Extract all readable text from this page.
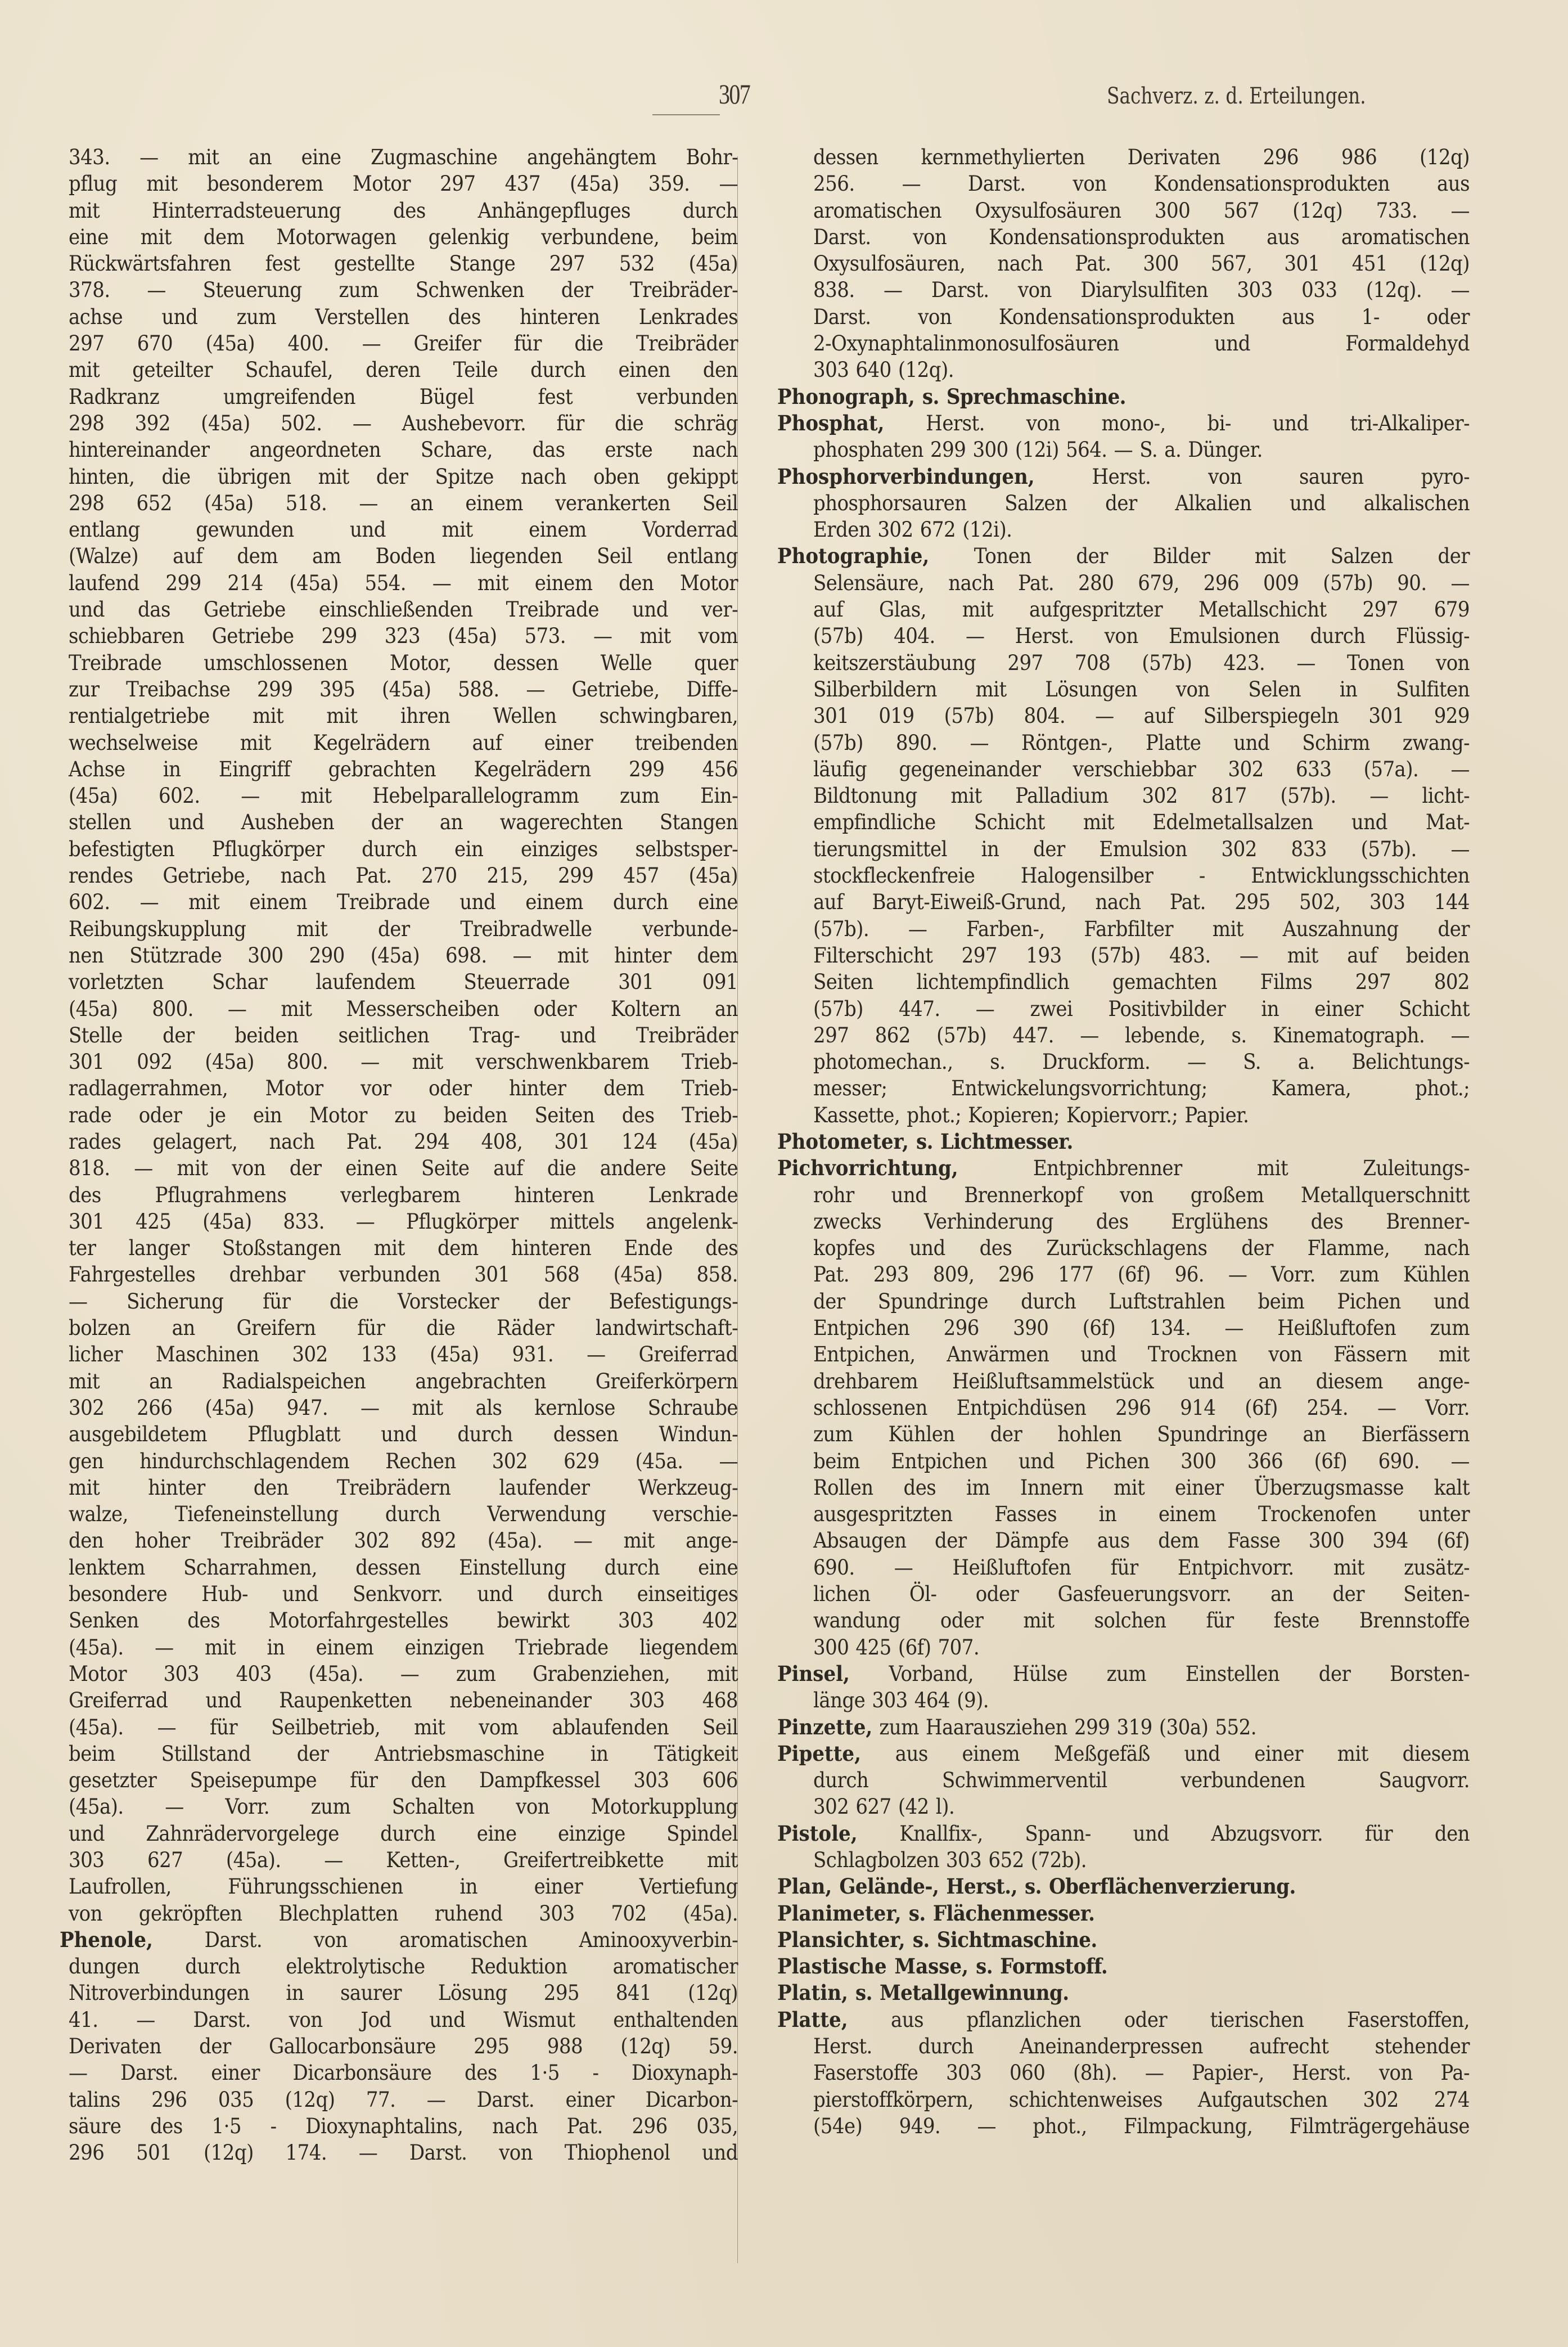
307	Sachverz. z. d. Erteilungen.
343. — mit an eine Zugmaschine angehängtem Bohr-
pflug mit besonderem Motor 297 437 (45a) 359. —
mit Hinterradsteuerung des Anhängepfluges durch
eine mit dem Motorwagen gelenkig verbundene, beim
Rückwärtsfahren fest gestellte Stange 297 532 (45a)
378. — Steuerung zum Schwenken der Treibräder-
achse und zum Verstellen des hinteren Lenkrades
297 670 (45a) 400. — Greifer für die Treibräder
mit geteilter Schaufel, deren Teile durch einen den
Radkranz umgreifenden Bügel fest verbunden
298 392 (45a) 502. — Aushebevorr. für die schräg
hintereinander angeordneten Schare, das erste nach
hinten, die übrigen mit der Spitze nach oben gekippt
298 652 (45a) 518. — an einem verankerten Seil
entlang gewunden und mit einem Vorderrad
(Walze) auf dem am Boden liegenden Seil entlang
laufend 299 214 (45a) 554. — mit einem den Motor
und das Getriebe einschließenden Treibrade und ver-
schiebbaren Getriebe 299 323 (45a) 573. — mit vom
Treibrade umschlossenen Motor, dessen Welle quer
zur Treibachse 299 395 (45a) 588. — Getriebe, Diffe-
rentialgetriebe mit mit ihren Wellen schwingbaren,
wechselweise mit Kegelrädern auf einer treibenden
Achse in Eingriff gebrachten Kegelrädern 299 456
(45a) 602. — mit Hebelparallelogramm zum Ein-
stellen und Ausheben der an wagerechten Stangen
befestigten Pflugkörper durch ein einziges selbstsper-
rendes Getriebe, nach Pat. 270 215, 299 457 (45a)
602. — mit einem Treibrade und einem durch eine
Reibungskupplung mit der Treibradwelle verbunde-
nen Stützrade 300 290 (45a) 698. — mit hinter dem
vorletzten Schar laufendem Steuerrade 301 091
(45a) 800. — mit Messerscheiben oder Koltern an
Stelle der beiden seitlichen Trag- und Treibräder
301 092 (45a) 800. — mit verschwenkbarem Trieb-
radlagerrahmen, Motor vor oder hinter dem Trieb-
rade oder je ein Motor zu beiden Seiten des Trieb-
rades gelagert, nach Pat. 294 408, 301 124 (45a)
818. — mit von der einen Seite auf die andere Seite
des Pflugrahmens verlegbarem hinteren Lenkrade
301 425 (45a) 833. — Pflugkörper mittels angelenk-
ter langer Stoßstangen mit dem hinteren Ende des
Fahrgestelles drehbar verbunden 301 568 (45a) 858.
— Sicherung für die Vorstecker der Befestigungs-
bolzen an Greifern für die Räder landwirtschaft-
licher Maschinen 302 133 (45a) 931. — Greiferrad
mit an Radialspeichen angebrachten Greiferkörpern
302 266 (45a) 947. — mit als kernlose Schraube
ausgebildetem Pflugblatt und durch dessen Windun-
gen hindurchschlagendem Rechen 302 629 (45a. —
mit hinter den Treibrädern laufender Werkzeug-
walze, Tiefeneinstellung durch Verwendung verschie-
den hoher Treibräder 302 892 (45a). — mit ange-
lenktem Scharrahmen, dessen Einstellung durch eine
besondere Hub- und Senkvorr. und durch einseitiges
Senken des Motorfahrgestelles bewirkt 303 402
(45a). — mit in einem einzigen Triebrade liegendem
Motor 303 403 (45a). — zum Grabenziehen, mit
Greiferrad und Raupenketten nebeneinander 303 468
(45a). — für Seilbetrieb, mit vom ablaufenden Seil
beim Stillstand der Antriebsmaschine in Tätigkeit
gesetzter Speisepumpe für den Dampfkessel 303 606
(45a). — Vorr. zum Schalten von Motorkupplung
und Zahnrädervorgelege durch eine einzige Spindel
303 627 (45a). — Ketten-, Greifertreibkette mit
Laufrollen, Führungsschienen in einer Vertiefung
von gekröpften Blechplatten ruhend 303 702 (45a).
Phenole, Darst. von aromatischen Aminooxyverbin-
dungen durch elektrolytische Reduktion aromatischer
Nitroverbindungen in saurer Lösung 295 841 (12q)
41. — Darst. von Jod und Wismut enthaltenden
Derivaten der Gallocarbonsäure 295 988 (12q) 59.
— Darst. einer Dicarbonsäure des 1·5 - Dioxynaph-
talins 296 035 (12q) 77. — Darst. einer Dicarbon-
säure des 1·5 - Dioxynaphtalins, nach Pat. 296 035,
296 501 (12q) 174. — Darst. von Thiophenol und
dessen kernmethylierten Derivaten 296 986 (12q)
256. — Darst. von Kondensationsprodukten aus
aromatischen Oxysulfosäuren 300 567 (12q) 733. —
Darst. von Kondensationsprodukten aus aromatischen
Oxysulfosäuren, nach Pat. 300 567, 301 451 (12q)
838. — Darst. von Diarylsulfiten 303 033 (12q). —
Darst. von Kondensationsprodukten aus 1- oder
2-Oxynaphtalinmonosulfosäuren und Formaldehyd
303 640 (12q).
Phonograph, s. Sprechmaschine.
Phosphat, Herst. von mono-, bi- und tri-Alkaliper-
phosphaten 299 300 (12i) 564. — S. a. Dünger.
Phosphorverbindungen, Herst. von sauren pyro-
phosphorsauren Salzen der Alkalien und alkalischen
Erden 302 672 (12i).
Photographie, Tonen der Bilder mit Salzen der
Selensäure, nach Pat. 280 679, 296 009 (57b) 90. —
auf Glas, mit aufgespritzter Metallschicht 297 679
(57b) 404. — Herst. von Emulsionen durch Flüssig-
keitszerstäubung 297 708 (57b) 423. — Tonen von
Silberbildern mit Lösungen von Selen in Sulfiten
301 019 (57b) 804. — auf Silberspiegeln 301 929
(57b) 890. — Röntgen-, Platte und Schirm zwang-
läufig gegeneinander verschiebbar 302 633 (57a). —
Bildtonung mit Palladium 302 817 (57b). — licht-
empfindliche Schicht mit Edelmetallsalzen und Mat-
tierungsmittel in der Emulsion 302 833 (57b). —
stockfleckenfreie Halogensilber - Entwicklungsschichten
auf Baryt-Eiweiß-Grund, nach Pat. 295 502, 303 144
(57b). — Farben-, Farbfilter mit Auszahnung der
Filterschicht 297 193 (57b) 483. — mit auf beiden
Seiten lichtempfindlich gemachten Films 297 802
(57b) 447. — zwei Positivbilder in einer Schicht
297 862 (57b) 447. — lebende, s. Kinematograph. —
photomechan., s. Druckform. — S. a. Belichtungs-
messer; Entwickelungsvorrichtung; Kamera, phot.;
Kassette, phot.; Kopieren; Kopiervorr.; Papier.
Photometer, s. Lichtmesser.
Pichvorrichtung, Entpichbrenner mit Zuleitungs-
rohr und Brennerkopf von großem Metallquerschnitt
zwecks Verhinderung des Erglühens des Brenner-
kopfes und des Zurückschlagens der Flamme, nach
Pat. 293 809, 296 177 (6f) 96. — Vorr. zum Kühlen
der Spundringe durch Luftstrahlen beim Pichen und
Entpichen 296 390 (6f) 134. — Heißluftofen zum
Entpichen, Anwärmen und Trocknen von Fässern mit
drehbarem Heißluftsammelstück und an diesem ange-
schlossenen Entpichdüsen 296 914 (6f) 254. — Vorr.
zum Kühlen der hohlen Spundringe an Bierfässern
beim Entpichen und Pichen 300 366 (6f) 690. —
Rollen des im Innern mit einer Überzugsmasse kalt
ausgespritzten Fasses in einem Trockenofen unter
Absaugen der Dämpfe aus dem Fasse 300 394 (6f)
690. — Heißluftofen für Entpichvorr. mit zusätz-
lichen Öl- oder Gasfeuerungsvorr. an der Seiten-
wandung oder mit solchen für feste Brennstoffe
300 425 (6f) 707.
Pinsel, Vorband, Hülse zum Einstellen der Borsten-
länge 303 464 (9).
Pinzette, zum Haarausziehen 299 319 (30a) 552.
Pipette, aus einem Meßgefäß und einer mit diesem
durch Schwimmerventil verbundenen Saugvorr.
302 627 (42 l).
Pistole, Knallfix-, Spann- und Abzugsvorr. für den
Schlagbolzen 303 652 (72b).
Plan, Gelände-, Herst., s. Oberflächenverzierung.
Planimeter, s. Flächenmesser.
Plansichter, s. Sichtmaschine.
Plastische Masse, s. Formstoff.
Platin, s. Metallgewinnung.
Platte, aus pflanzlichen oder tierischen Faserstoffen,
Herst. durch Aneinanderpressen aufrecht stehender
Faserstoffe 303 060 (8h). — Papier-, Herst. von Pa-
pierstoffkörpern, schichtenweises Aufgautschen 302 274
(54e) 949. — phot., Filmpackung, Filmträgergehäuse
